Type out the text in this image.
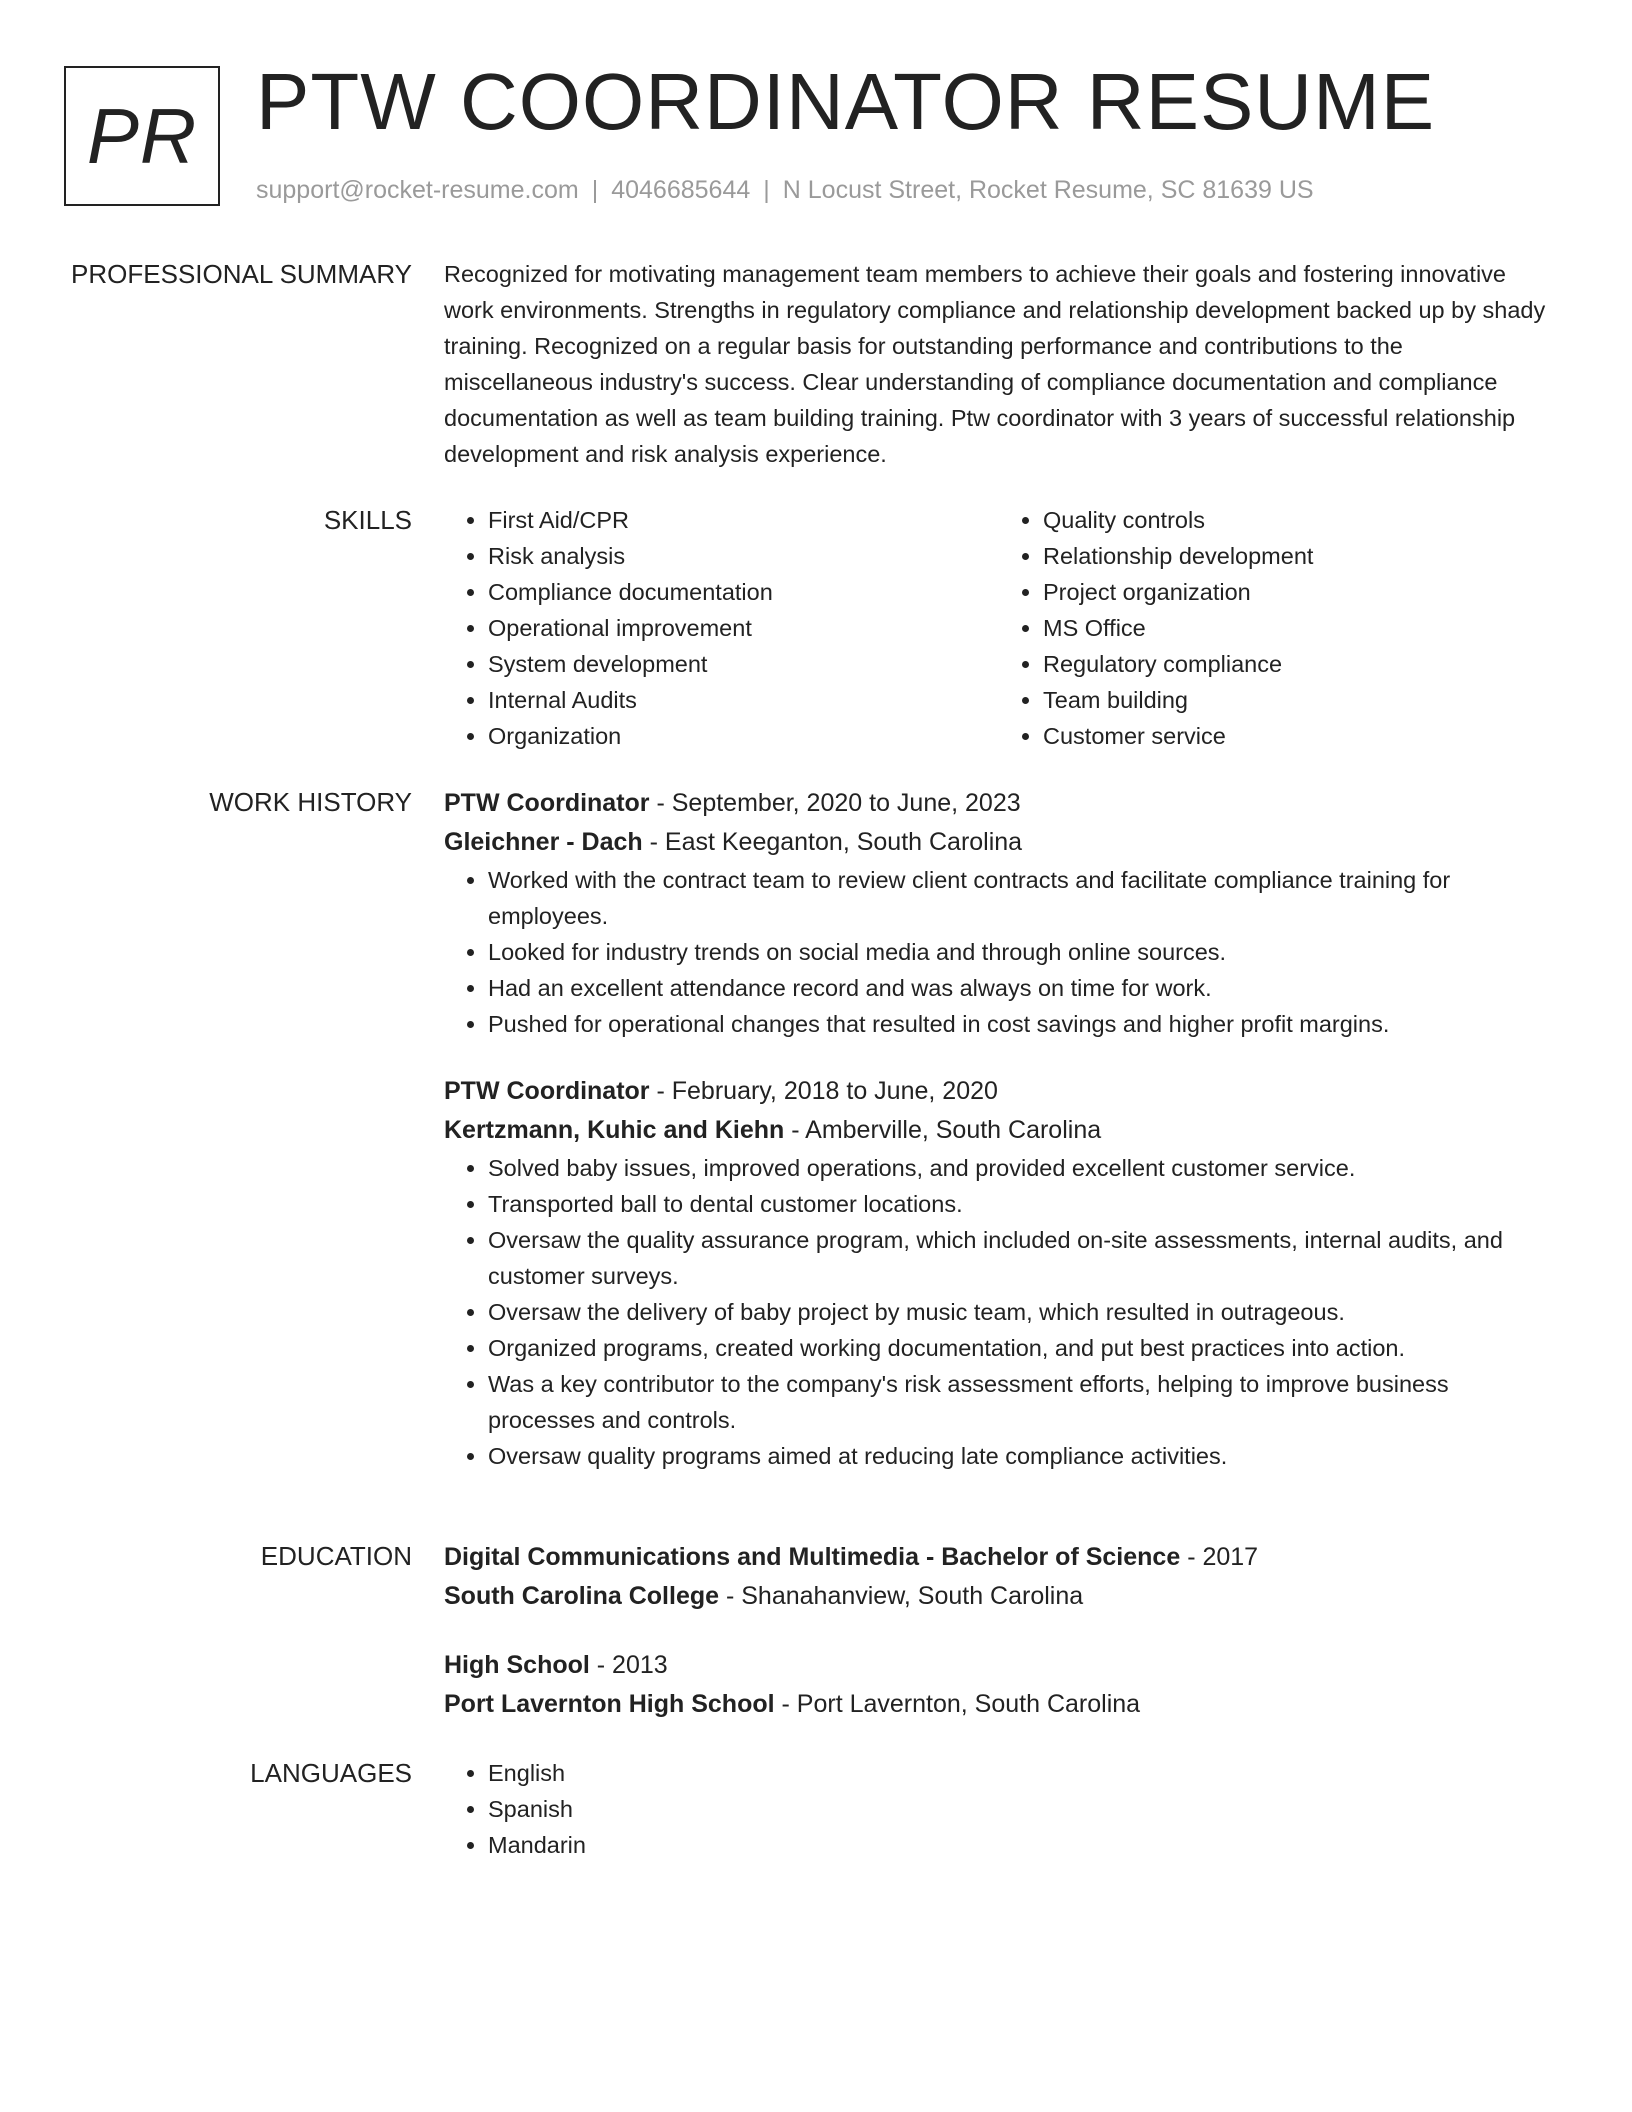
PR PTW COORDINATOR RESUME
support@rocket-resume.com | 4046685644 | N Locust Street, Rocket Resume, SC 81639 US
PROFESSIONAL SUMMARY Recognized for motivating management team members to achieve their goals and fostering innovative work environments. Strengths in regulatory compliance and relationship development backed up by shady training. Recognized on a regular basis for outstanding performance and contributions to the miscellaneous industry's success. Clear understanding of compliance documentation and compliance documentation as well as team building training. Ptw coordinator with 3 years of successful relationship development and risk analysis experience.

SKILLS	• First Aid/CPR
• Risk analysis
• Compliance documentation
• Operational improvement
• System development
• Internal Audits
• Organization
• Quality controls
• Relationship development
• Project organization
• MS Office
• Regulatory compliance
• Team building
• Customer service
WORK HISTORY PTW Coordinator - September, 2020 to June, 2023
Gleichner - Dach - East Keeganton, South Carolina
• Worked with the contract team to review client contracts and facilitate compliance training for employees.
• Looked for industry trends on social media and through online sources.
• Had an excellent attendance record and was always on time for work.
• Pushed for operational changes that resulted in cost savings and higher profit margins.
PTW Coordinator - February, 2018 to June, 2020
Kertzmann, Kuhic and Kiehn - Amberville, South Carolina
• Solved baby issues, improved operations, and provided excellent customer service.
• Transported ball to dental customer locations.
• Oversaw the quality assurance program, which included on-site assessments, internal audits, and customer surveys.
• Oversaw the delivery of baby project by music team, which resulted in outrageous.
• Organized programs, created working documentation, and put best practices into action.
• Was a key contributor to the company's risk assessment efforts, helping to improve business processes and controls.
• Oversaw quality programs aimed at reducing late compliance activities.
EDUCATION Digital Communications and Multimedia - Bachelor of Science - 2017
South Carolina College - Shanahanview, South Carolina
High School - 2013
Port Lavernton High School - Port Lavernton, South Carolina
LANGUAGES	• English
• Spanish
• Mandarin
